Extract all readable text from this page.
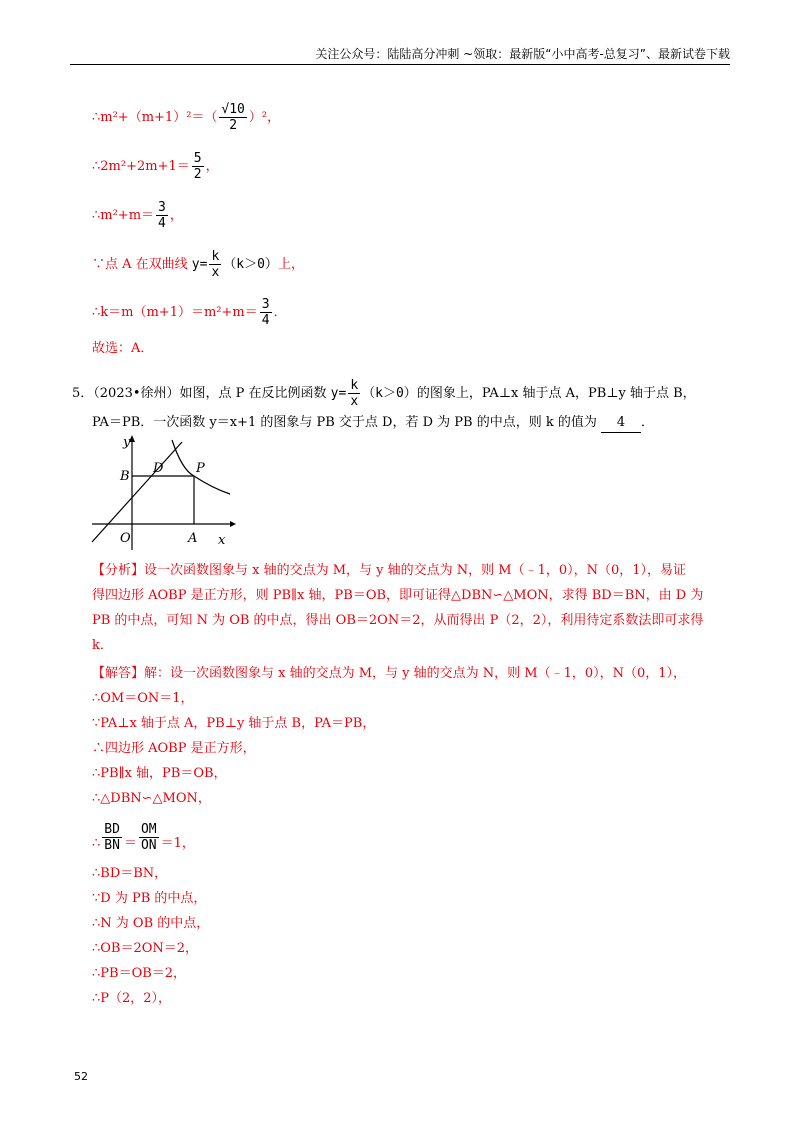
关注公众号：陆陆高分冲刺 ~领取：最新版“小中高考-总复习”、最新试卷下载
∴m²+（m+1）²＝（ $\frac{√10}{2} )^2$，
∴2m²+2m+1＝ $\frac{5}{2}$ ，
∴m²+m＝ $\frac{3}{4}$ ，
∵点 A 在双曲线 $y= \frac{k}{x} (k>0)$上，
∴k＝m（m+1）＝m²+m＝ $\frac{3}{4}$ ．
故选：A．
5．（2023•徐州）如图，点 P 在反比例函数 $y= \frac{k}{x} (k>0)$的图象上，PA⊥x 轴于点 A，PB⊥y 轴于点 B，
PA＝PB．一次函数 y＝x+1 的图象与 PB 交于点 D，若 D 为 PB 的中点，则 k 的值为 4 ．
y
x
O	A
B
D	P
【分析】设一次函数图象与 x 轴的交点为 M，与 y 轴的交点为 N，则 M（﹣1，0），N（0，1），易证
得四边形 AOBP 是正方形，则 PB∥x 轴，PB＝OB，即可证得△DBN∽△MON，求得 BD＝BN，由 D 为
PB 的中点，可知 N 为 OB 的中点，得出 OB＝2ON＝2，从而得出 P（2，2），利用待定系数法即可求得
k．
【解答】解：设一次函数图象与 x 轴的交点为 M，与 y 轴的交点为 N，则 M（﹣1，0），N（0，1），
∴OM＝ON＝1，
∵PA⊥x 轴于点 A，PB⊥y 轴于点 B，PA＝PB，
∴四边形 AOBP 是正方形，
∴PB∥x 轴，PB＝OB，
∴△DBN∽△MON，
∴ $\frac{BD}{BN} = \frac{OM}{ON} =1$，
∴BD＝BN，
∵D 为 PB 的中点，
∴N 为 OB 的中点，
∴OB＝2ON＝2，
∴PB＝OB＝2，
∴P（2，2），
52
